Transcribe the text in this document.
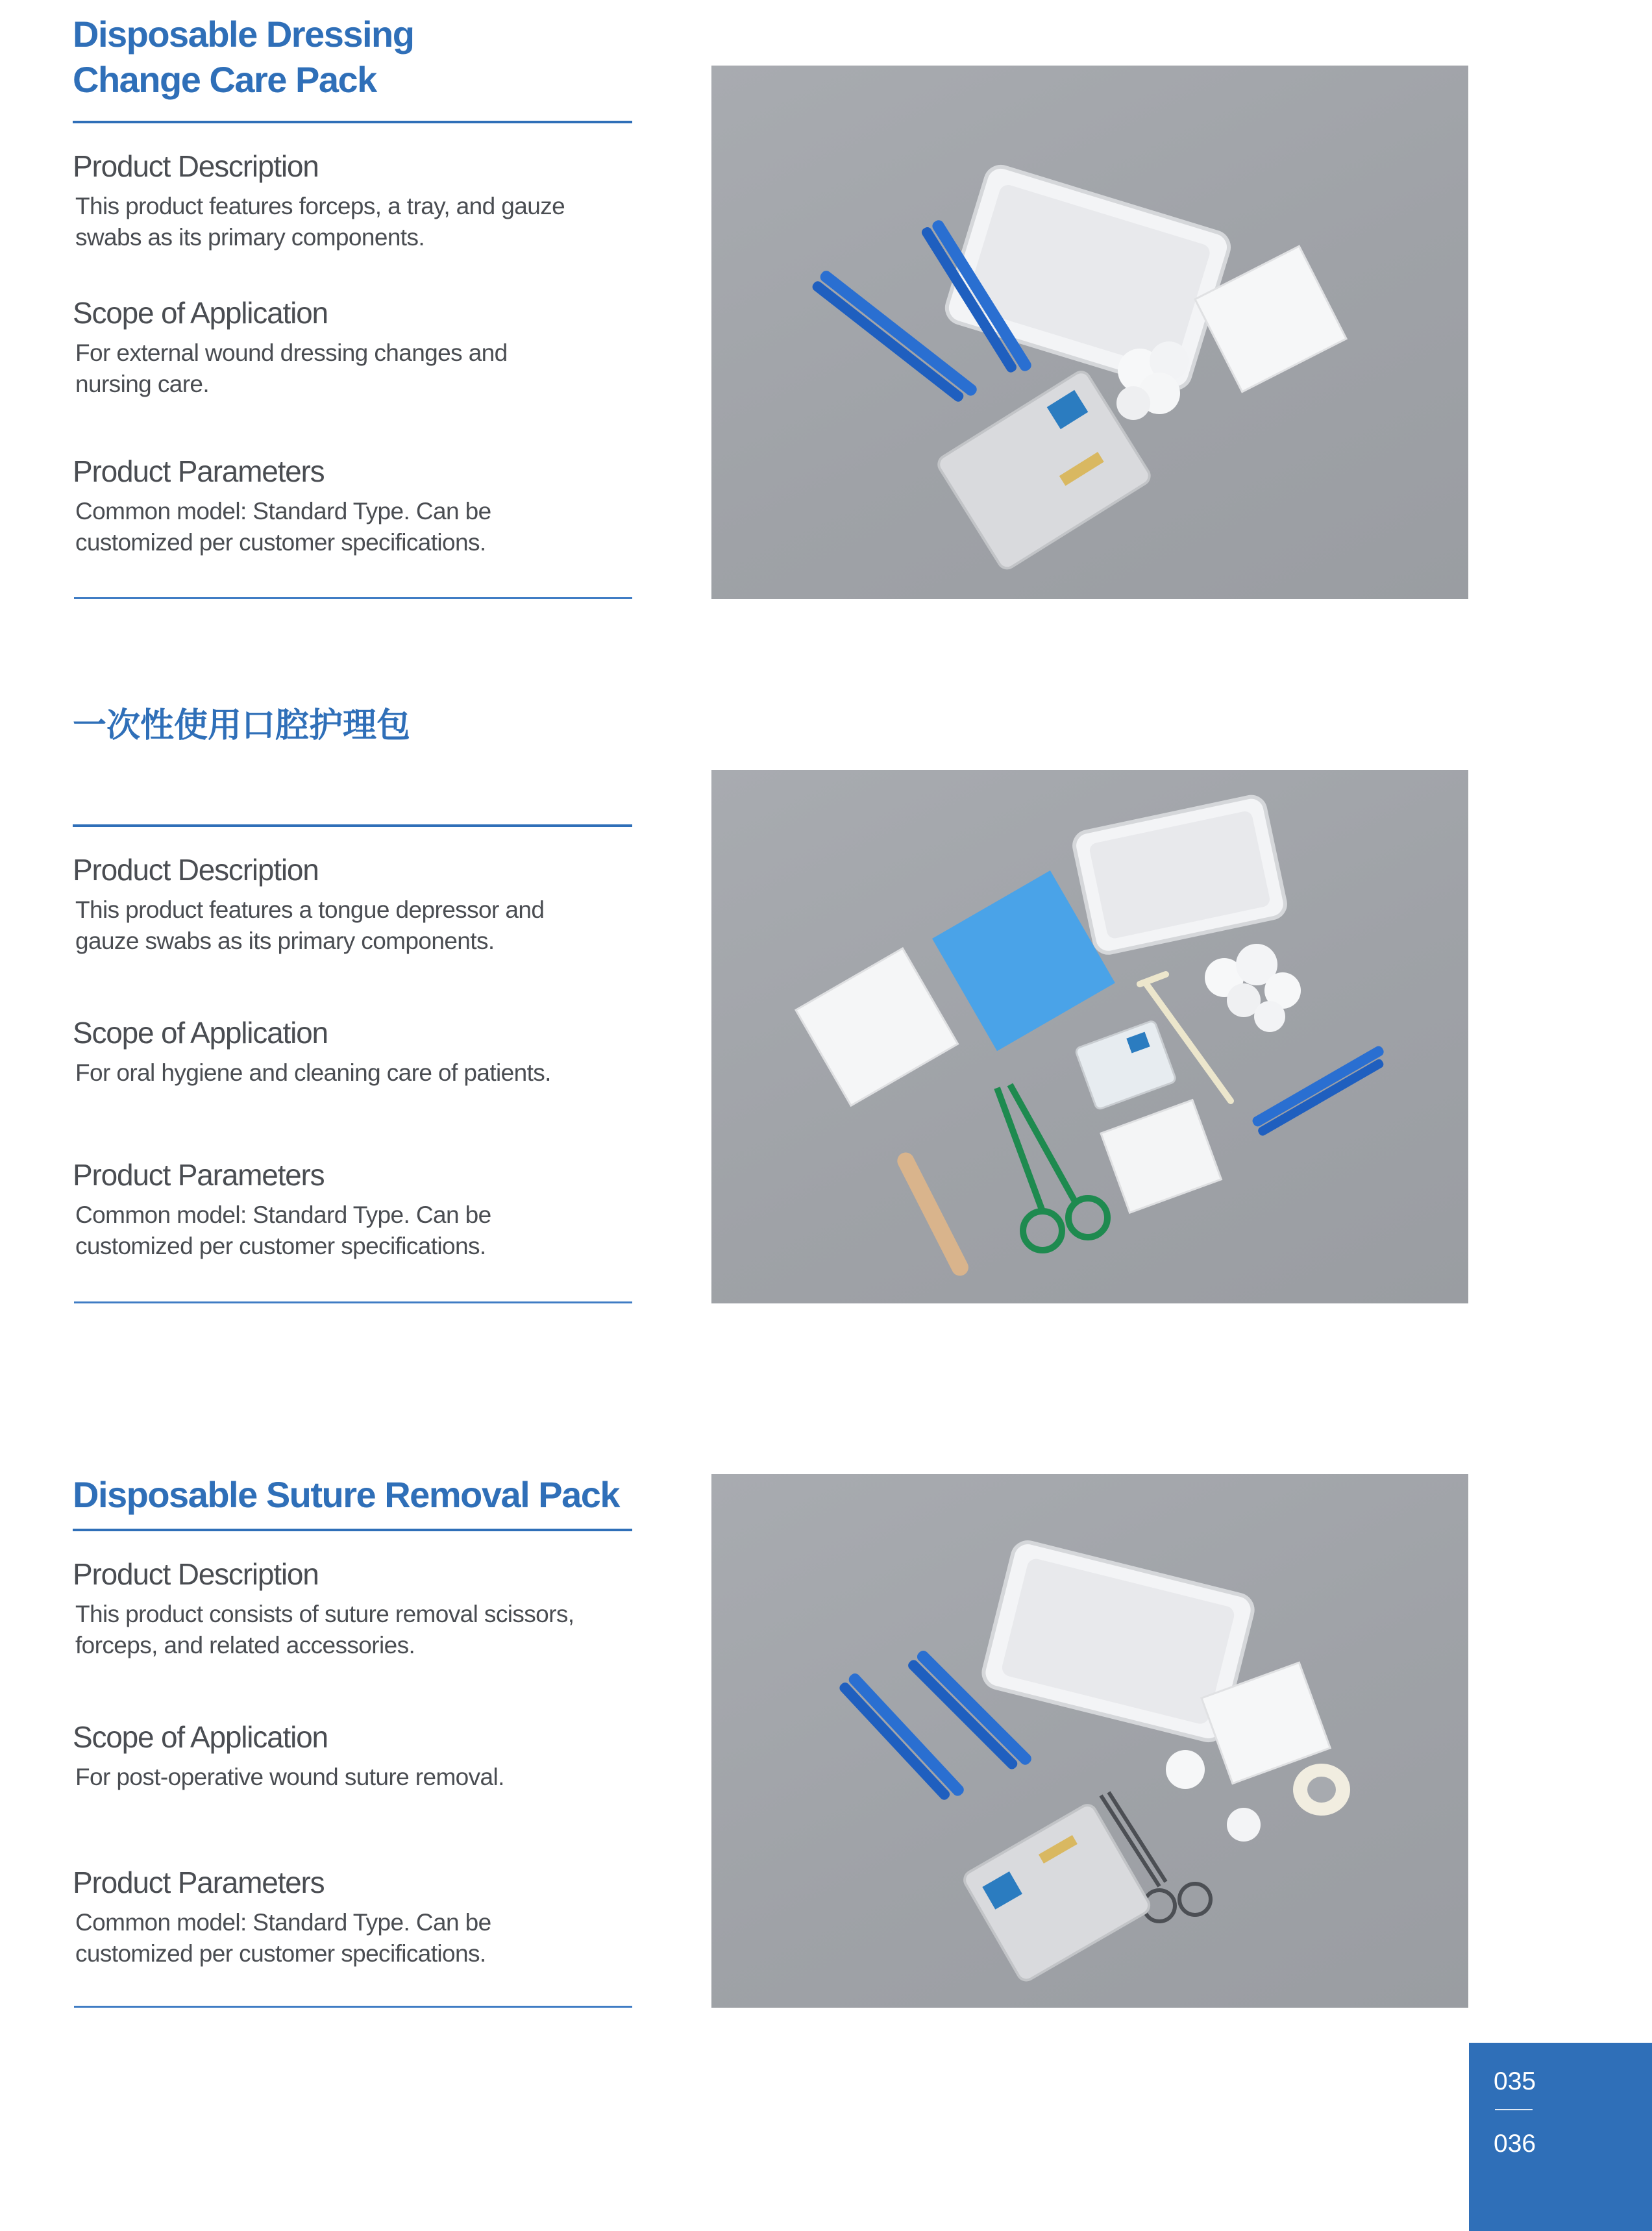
Disposable Dressing

Change Care Pack

Product Description

This product features forceps, a tray, and gauze
swabs as its primary components.

Scope of Application

For external wound dressing changes and
nursing care.

Product Parameters

Common model: Standard Type. Can be
customized per customer specifications.

一次性使用口腔护理包

Product Description

This product features a tongue depressor and
gauze swabs as its primary components.

Scope of Application

For oral hygiene and cleaning care of patients.

Product Parameters

Common model: Standard Type. Can be
customized per customer specifications.

Disposable Suture Removal Pack

Product Description

This product consists of suture removal scissors,
forceps, and related accessories.

Scope of Application

For post-operative wound suture removal.

Product Parameters

Common model: Standard Type. Can be
customized per customer specifications.
035
036
